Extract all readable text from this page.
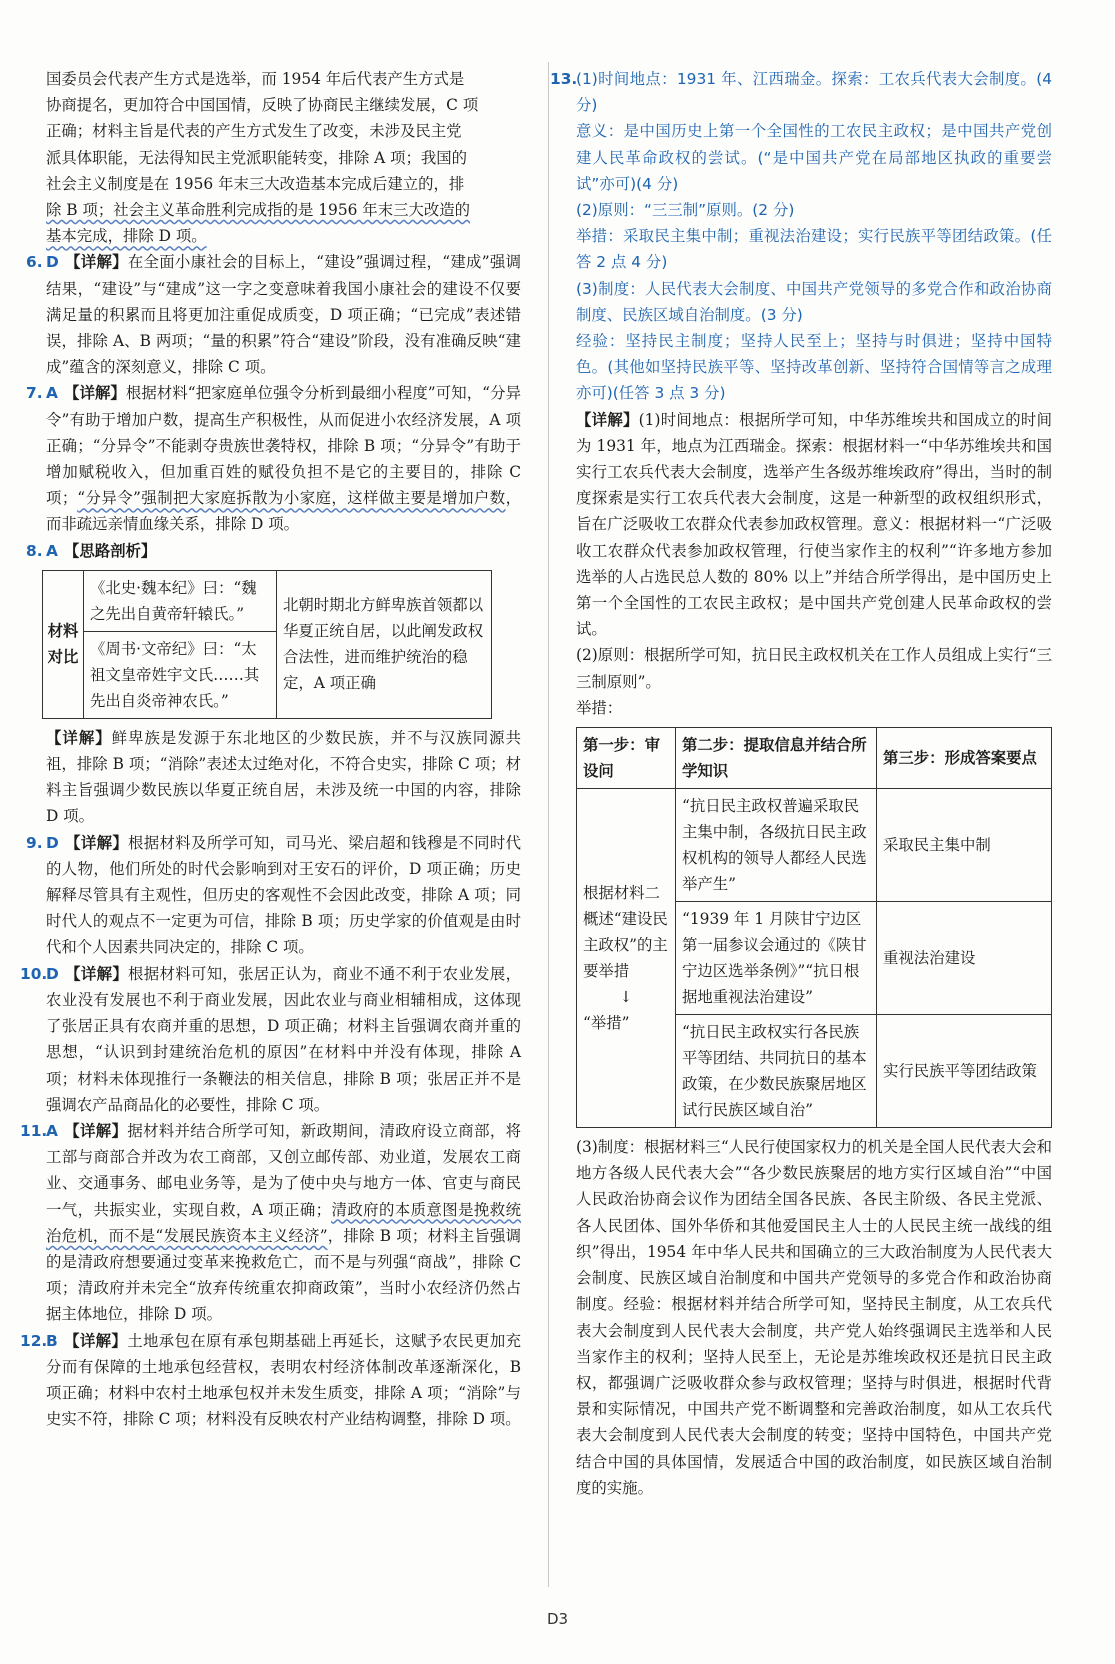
国委员会代表产生方式是选举，而 1954 年后代表产生方式是

协商提名，更加符合中国国情，反映了协商民主继续发展，C 项

正确；材料主旨是代表的产生方式发生了改变，未涉及民主党

派具体职能，无法得知民主党派职能转变，排除 A 项；我国的

社会主义制度是在 1956 年末三大改造基本完成后建立的，排

除 B 项；社会主义革命胜利完成指的是 1956 年末三大改造的

基本完成，排除 D 项。

6. D 【详解】在全面小康社会的目标上，“建设”强调过程，“建成”强调结果，“建设”与“建成”这一字之变意味着我国小康社会的建设不仅要满足量的积累而且将更加注重促成质变，D 项正确；“已完成”表述错误，排除 A、B 两项；“量的积累”符合“建设”阶段，没有准确反映“建成”蕴含的深刻意义，排除 C 项。
7. A 【详解】根据材料“把家庭单位强令分析到最细小程度”可知，“分异令”有助于增加户数，提高生产积极性，从而促进小农经济发展，A 项正确；“分异令”不能剥夺贵族世袭特权，排除 B 项；“分异令”有助于增加赋税收入，但加重百姓的赋役负担不是它的主要目的，排除 C 项；“分异令”强制把大家庭拆散为小家庭，这样做主要是增加户数，而非疏远亲情血缘关系，排除 D 项。
8. A 【思路剖析】
材料对比	《北史·魏本纪》曰：“魏之先出自黄帝轩辕氏。”	北朝时期北方鲜卑族首领都以华夏正统自居，以此阐发政权合法性，进而维护统治的稳定，A 项正确
《周书·文帝纪》曰：“太祖文皇帝姓宇文氏……其先出自炎帝神农氏。”
【详解】鲜卑族是发源于东北地区的少数民族，并不与汉族同源共祖，排除 B 项；“消除”表述太过绝对化，不符合史实，排除 C 项；材料主旨强调少数民族以华夏正统自居，未涉及统一中国的内容，排除 D 项。
9. D 【详解】根据材料及所学可知，司马光、梁启超和钱穆是不同时代的人物，他们所处的时代会影响到对王安石的评价，D 项正确；历史解释尽管具有主观性，但历史的客观性不会因此改变，排除 A 项；同时代人的观点不一定更为可信，排除 B 项；历史学家的价值观是由时代和个人因素共同决定的，排除 C 项。
10.D 【详解】根据材料可知，张居正认为，商业不通不利于农业发展，农业没有发展也不利于商业发展，因此农业与商业相辅相成，这体现了张居正具有农商并重的思想，D 项正确；材料主旨强调农商并重的思想，“认识到封建统治危机的原因”在材料中并没有体现，排除 A 项；材料未体现推行一条鞭法的相关信息，排除 B 项；张居正并不是强调农产品商品化的必要性，排除 C 项。
11.A 【详解】据材料并结合所学可知，新政期间，清政府设立商部，将工部与商部合并改为农工商部，又创立邮传部、劝业道，发展农工商业、交通事务、邮电业务等，是为了使中央与地方一体、官吏与商民一气，共振实业，实现自救，A 项正确；清政府的本质意图是挽救统治危机，而不是“发展民族资本主义经济”，排除 B 项；材料主旨强调的是清政府想要通过变革来挽救危亡，而不是与列强“商战”，排除 C 项；清政府并未完全“放弃传统重农抑商政策”，当时小农经济仍然占据主体地位，排除 D 项。
12.B 【详解】土地承包在原有承包期基础上再延长，这赋予农民更加充分而有保障的土地承包经营权，表明农村经济体制改革逐渐深化，B 项正确；材料中农村土地承包权并未发生质变，排除 A 项；“消除”与史实不符，排除 C 项；材料没有反映农村产业结构调整，排除 D 项。

13.(1)时间地点：1931 年、江西瑞金。探索：工农兵代表大会制度。(4 分)

意义：是中国历史上第一个全国性的工农民主政权；是中国共产党创建人民革命政权的尝试。(“是中国共产党在局部地区执政的重要尝试”亦可)(4 分)

(2)原则：“三三制”原则。(2 分)

举措：采取民主集中制；重视法治建设；实行民族平等团结政策。(任答 2 点 4 分)

(3)制度：人民代表大会制度、中国共产党领导的多党合作和政治协商制度、民族区域自治制度。(3 分)

经验：坚持民主制度；坚持人民至上；坚持与时俱进；坚持中国特色。(其他如坚持民族平等、坚持改革创新、坚持符合国情等言之成理亦可)(任答 3 点 3 分)

【详解】(1)时间地点：根据所学可知，中华苏维埃共和国成立的时间为 1931 年，地点为江西瑞金。探索：根据材料一“中华苏维埃共和国实行工农兵代表大会制度，选举产生各级苏维埃政府”得出，当时的制度探索是实行工农兵代表大会制度，这是一种新型的政权组织形式，旨在广泛吸收工农群众代表参加政权管理。意义：根据材料一“广泛吸收工农群众代表参加政权管理，行使当家作主的权利”“许多地方参加选举的人占选民总人数的 80% 以上”并结合所学得出，是中国历史上第一个全国性的工农民主政权；是中国共产党创建人民革命政权的尝试。

(2)原则：根据所学可知，抗日民主政权机关在工作人员组成上实行“三三制原则”。

举措：

第一步：审设问	第二步：提取信息并结合所学知识	第三步：形成答案要点

根据材料二概述“建设民主政权”的主要举措
↓
“举措”	“抗日民主政权普遍采取民主集中制，各级抗日民主政权机构的领导人都经人民选举产生”	采取民主集中制
	“1939 年 1 月陕甘宁边区第一届参议会通过的《陕甘宁边区选举条例》”“抗日根据地重视法治建设”	重视法治建设
	“抗日民主政权实行各民族平等团结、共同抗日的基本政策，在少数民族聚居地区试行民族区域自治”	实行民族平等团结政策

(3)制度：根据材料三“人民行使国家权力的机关是全国人民代表大会和地方各级人民代表大会”“各少数民族聚居的地方实行区域自治”“中国人民政治协商会议作为团结全国各民族、各民主阶级、各民主党派、各人民团体、国外华侨和其他爱国民主人士的人民民主统一战线的组织”得出，1954 年中华人民共和国确立的三大政治制度为人民代表大会制度、民族区域自治制度和中国共产党领导的多党合作和政治协商制度。经验：根据材料并结合所学可知，坚持民主制度，从工农兵代表大会制度到人民代表大会制度，共产党人始终强调民主选举和人民当家作主的权利；坚持人民至上，无论是苏维埃政权还是抗日民主政权，都强调广泛吸收群众参与政权管理；坚持与时俱进，根据时代背景和实际情况，中国共产党不断调整和完善政治制度，如从工农兵代表大会制度到人民代表大会制度的转变；坚持中国特色，中国共产党结合中国的具体国情，发展适合中国的政治制度，如民族区域自治制度的实施。

D3
